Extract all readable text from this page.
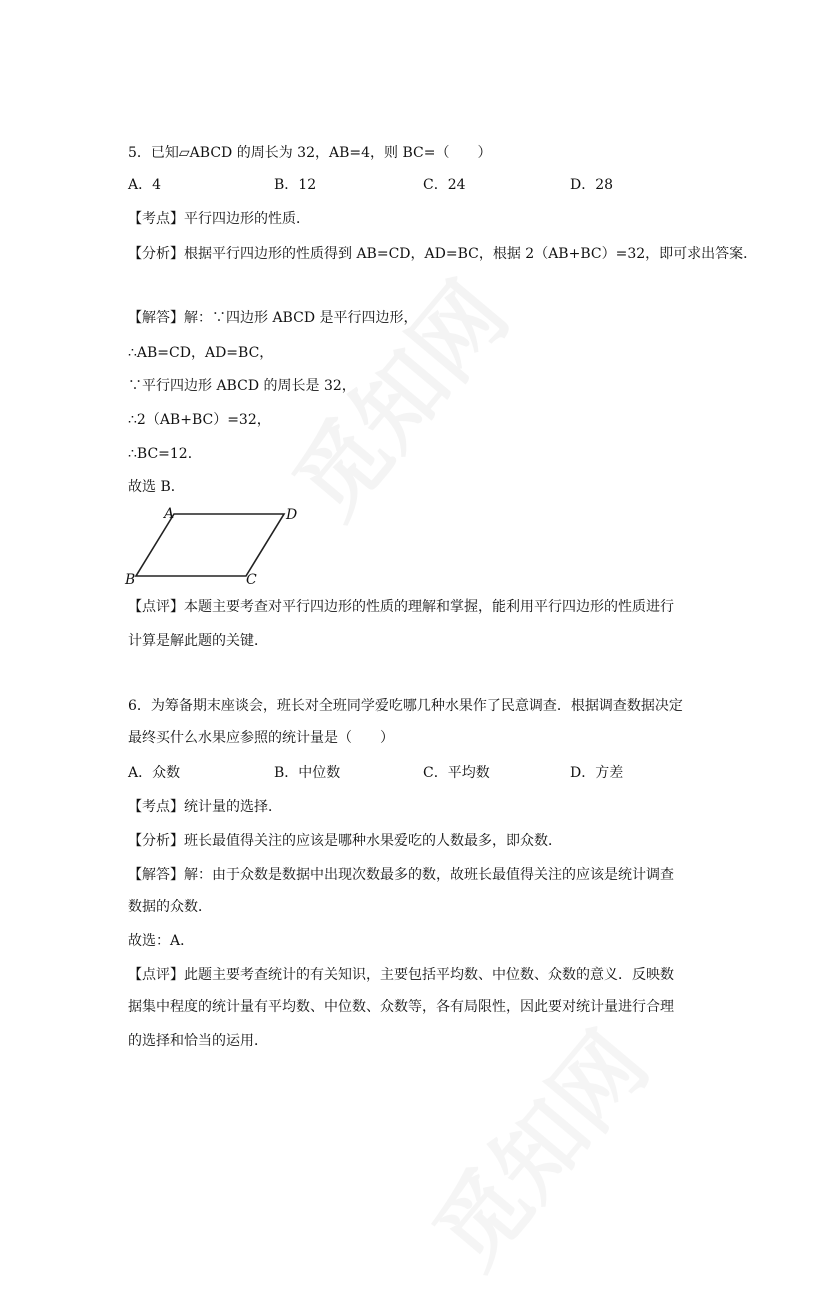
5．已知▱ABCD 的周长为 32，AB=4，则 BC=（　　）
A．4	B．12	C．24	D．28
【考点】平行四边形的性质．
【分析】根据平行四边形的性质得到 AB=CD，AD=BC，根据 2（AB+BC）=32，即可求出答案．
【解答】解：∵四边形 ABCD 是平行四边形，
∴AB=CD，AD=BC，
∵平行四边形 ABCD 的周长是 32，
∴2（AB+BC）=32，
∴BC=12．
故选 B．
A	D
B	C
【点评】本题主要考查对平行四边形的性质的理解和掌握，能利用平行四边形的性质进行
计算是解此题的关键．
6．为筹备期末座谈会，班长对全班同学爱吃哪几种水果作了民意调查．根据调查数据决定
最终买什么水果应参照的统计量是（　　）
A．众数	B．中位数	C．平均数	D．方差
【考点】统计量的选择．
【分析】班长最值得关注的应该是哪种水果爱吃的人数最多，即众数．
【解答】解：由于众数是数据中出现次数最多的数，故班长最值得关注的应该是统计调查
数据的众数．
故选：A．
【点评】此题主要考查统计的有关知识，主要包括平均数、中位数、众数的意义．反映数
据集中程度的统计量有平均数、中位数、众数等，各有局限性，因此要对统计量进行合理
的选择和恰当的运用．
